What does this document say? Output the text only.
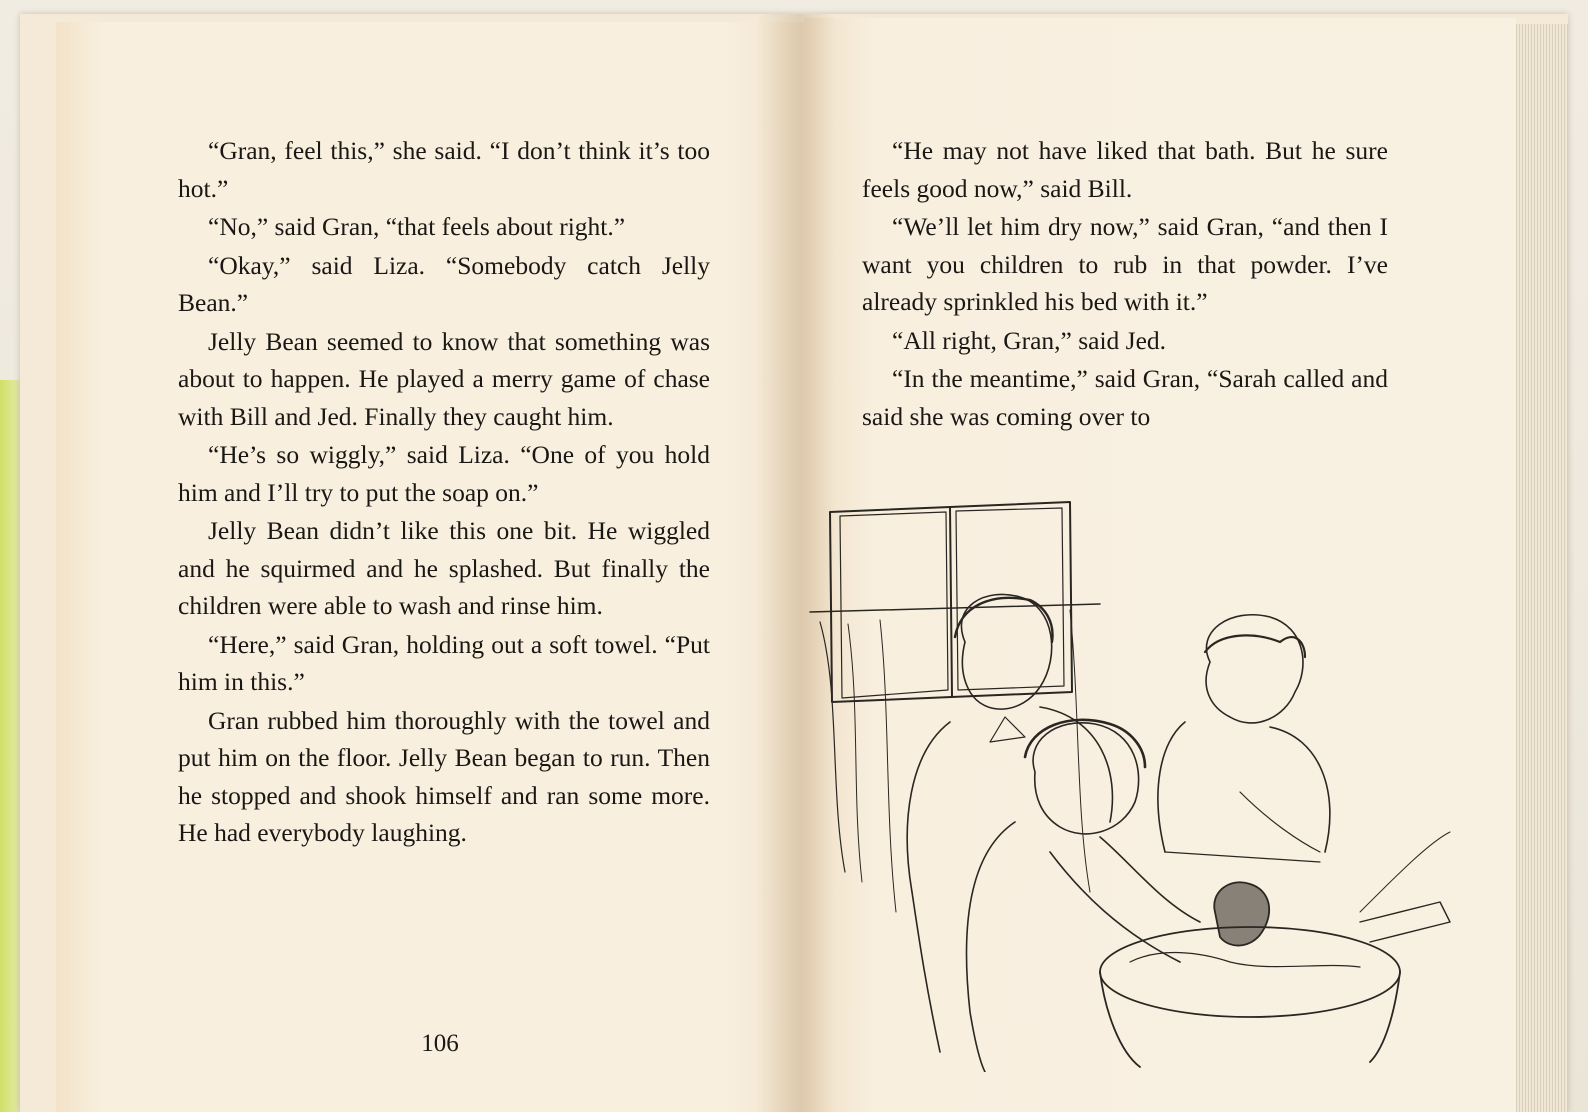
“Gran, feel this,” she said. “I don’t think it’s too hot.”

“No,” said Gran, “that feels about right.”

“Okay,” said Liza. “Somebody catch Jelly Bean.”

Jelly Bean seemed to know that something was about to happen. He played a merry game of chase with Bill and Jed. Finally they caught him.

“He’s so wiggly,” said Liza. “One of you hold him and I’ll try to put the soap on.”

Jelly Bean didn’t like this one bit. He wiggled and he squirmed and he splashed. But finally the children were able to wash and rinse him.

“Here,” said Gran, holding out a soft towel. “Put him in this.”

Gran rubbed him thoroughly with the towel and put him on the floor. Jelly Bean began to run. Then he stopped and shook himself and ran some more. He had everybody laughing.

106

“He may not have liked that bath. But he sure feels good now,” said Bill.

“We’ll let him dry now,” said Gran, “and then I want you children to rub in that powder. I’ve already sprinkled his bed with it.”

“All right, Gran,” said Jed.

“In the meantime,” said Gran, “Sarah called and said she was coming over to
